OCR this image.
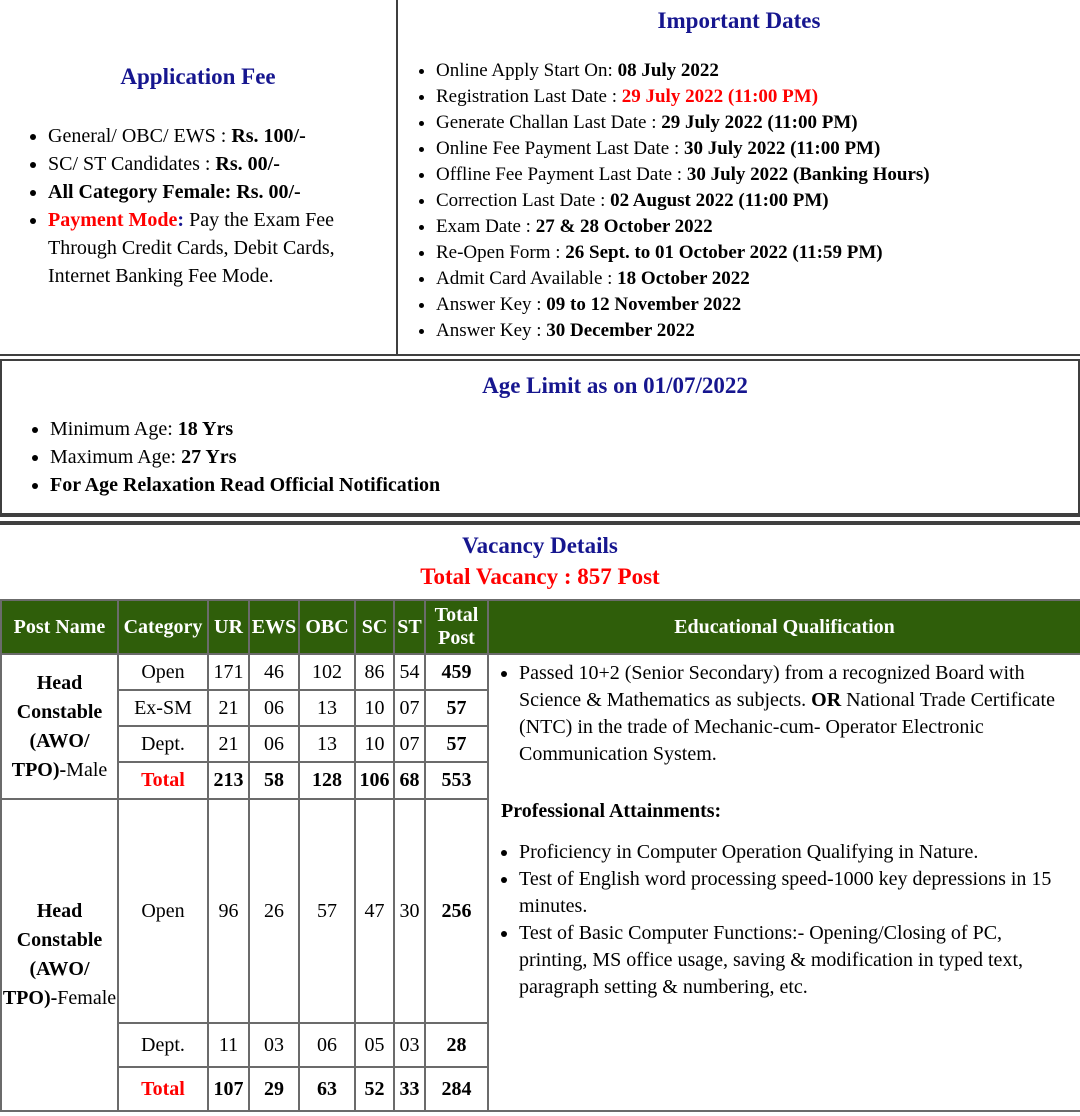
Application Fee
• General/ OBC/ EWS : Rs. 100/-
• SC/ ST Candidates : Rs. 00/-
• All Category Female: Rs. 00/-
• Payment Mode: Pay the Exam Fee Through Credit Cards, Debit Cards, Internet Banking Fee Mode.
Important Dates
• Online Apply Start On: 08 July 2022
• Registration Last Date : 29 July 2022 (11:00 PM)
• Generate Challan Last Date : 29 July 2022 (11:00 PM)
• Online Fee Payment Last Date : 30 July 2022 (11:00 PM)
• Offline Fee Payment Last Date : 30 July 2022 (Banking Hours)
• Correction Last Date : 02 August 2022 (11:00 PM)
• Exam Date : 27 & 28 October 2022
• Re-Open Form : 26 Sept. to 01 October 2022 (11:59 PM)
• Admit Card Available : 18 October 2022
• Answer Key : 09 to 12 November 2022
• Answer Key : 30 December 2022
Age Limit as on 01/07/2022
• Minimum Age: 18 Yrs
• Maximum Age: 27 Yrs
• For Age Relaxation Read Official Notification
Vacancy Details

Total Vacancy : 857 Post

Post Name	Category	UR	EWS	OBC	SC	ST	Total Post	Educational Qualification
Head Constable (AWO/ TPO)-Male	Open	171	46	102	86	54	459	
•Passed 10+2 (Senior Secondary) from a recognized Board with Science & Mathematics as subjects. OR National Trade Certificate (NTC) in the trade of Mechanic-cum- Operator Electronic Communication System.

Professional Attainments:

• Proficiency in Computer Operation Qualifying in Nature.
• Test of English word processing speed-1000 key depressions in 15 minutes.
• Test of Basic Computer Functions:- Opening/Closing of PC, printing, MS office usage, saving & modification in typed text, paragraph setting & numbering, etc.

	Ex-SM	21	06	13	10	07	57	
	Dept.	21	06	13	10	07	57	
	Total	213	58	128	106	68	553	
Head Constable (AWO/ TPO)-Female	Open	96	26	57	47	30	256	
	Dept.	11	03	06	05	03	28	
	Total	107	29	63	52	33	284	
